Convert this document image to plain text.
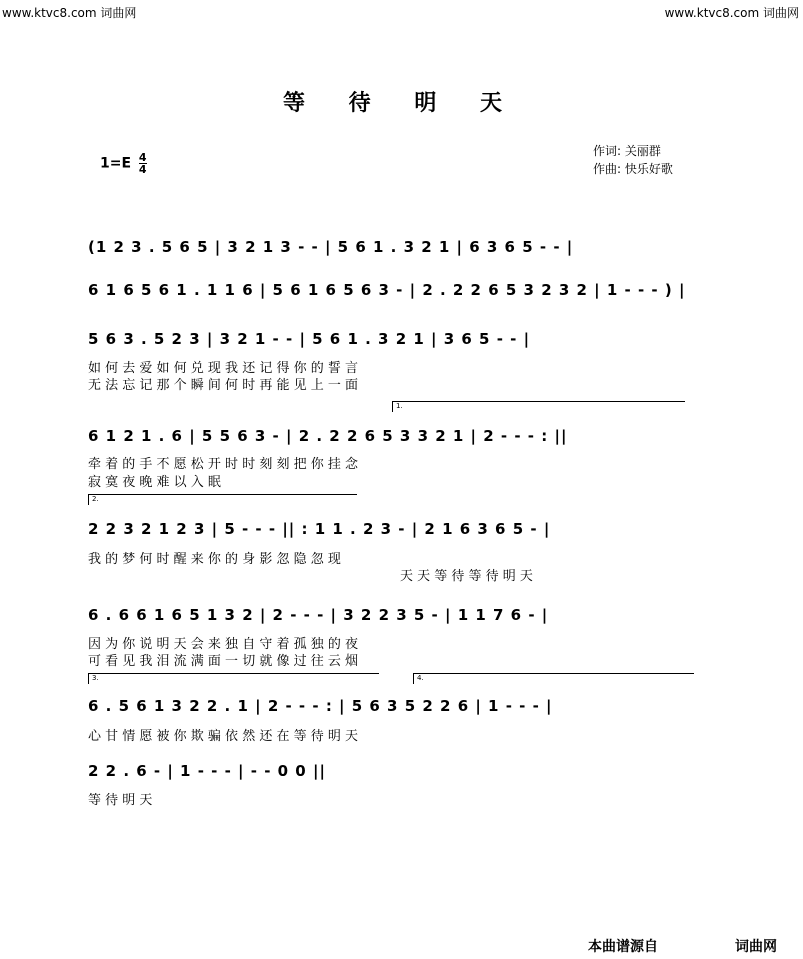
www.ktvc8.com 词曲网	www.ktvc8.com 词曲网
等 待 明 天
$1=E \frac{4}{4}$
作词: 关丽群
作曲: 快乐好歌
(1 2 3 . 5 6 5 | 3 2 1 3 - - | 5 6 1 . 3 2 1 | 6 3 6 5 - - |
6 1 6 5 6 1 . 1 1 6 | 5 6 1 6 5 6 3 - | 2 . 2 2 6 5 3 2 3 2 | 1 - - - ) |
5 6 3 . 5 2 3 | 3 2 1 - - | 5 6 1 . 3 2 1 | 3 6 5 - - |
如 何 去 爱 如 何 兑 现 我 还 记 得 你 的 誓 言
无 法 忘 记 那 个 瞬 间 何 时 再 能 见 上 一 面
1.
6 1 2 1 . 6 | 5 5 6 3 - | 2 . 2 2 6 5 3 3 2 1 | 2 - - - : ||
牵 着 的 手 不 愿 松 开 时 时 刻 刻 把 你 挂 念
寂 寞 夜 晚 难 以 入 眠
2.
2 2 3 2 1 2 3 | 5 - - - || : 1 1 . 2 3 - | 2 1 6 3 6 5 - |
我 的 梦 何 时 醒 来 你 的 身 影 忽 隐 忽 现
天 天 等 待 等 待 明 天
6 . 6 6 1 6 5 1 3 2 | 2 - - - | 3 2 2 3 5 - | 1 1 7 6 - |
因 为 你 说 明 天 会 来 独 自 守 着 孤 独 的 夜
可 看 见 我 泪 流 满 面 一 切 就 像 过 往 云 烟
3.	4.
6 . 5 6 1 3 2 2 . 1 | 2 - - - : | 5 6 3 5 2 2 6 | 1 - - - |
心 甘 情 愿 被 你 欺 骗 依 然 还 在 等 待 明 天
2 2 . 6 - | 1 - - - | - - 0 0 ||
等 待 明 天
本曲谱源自	词曲网
